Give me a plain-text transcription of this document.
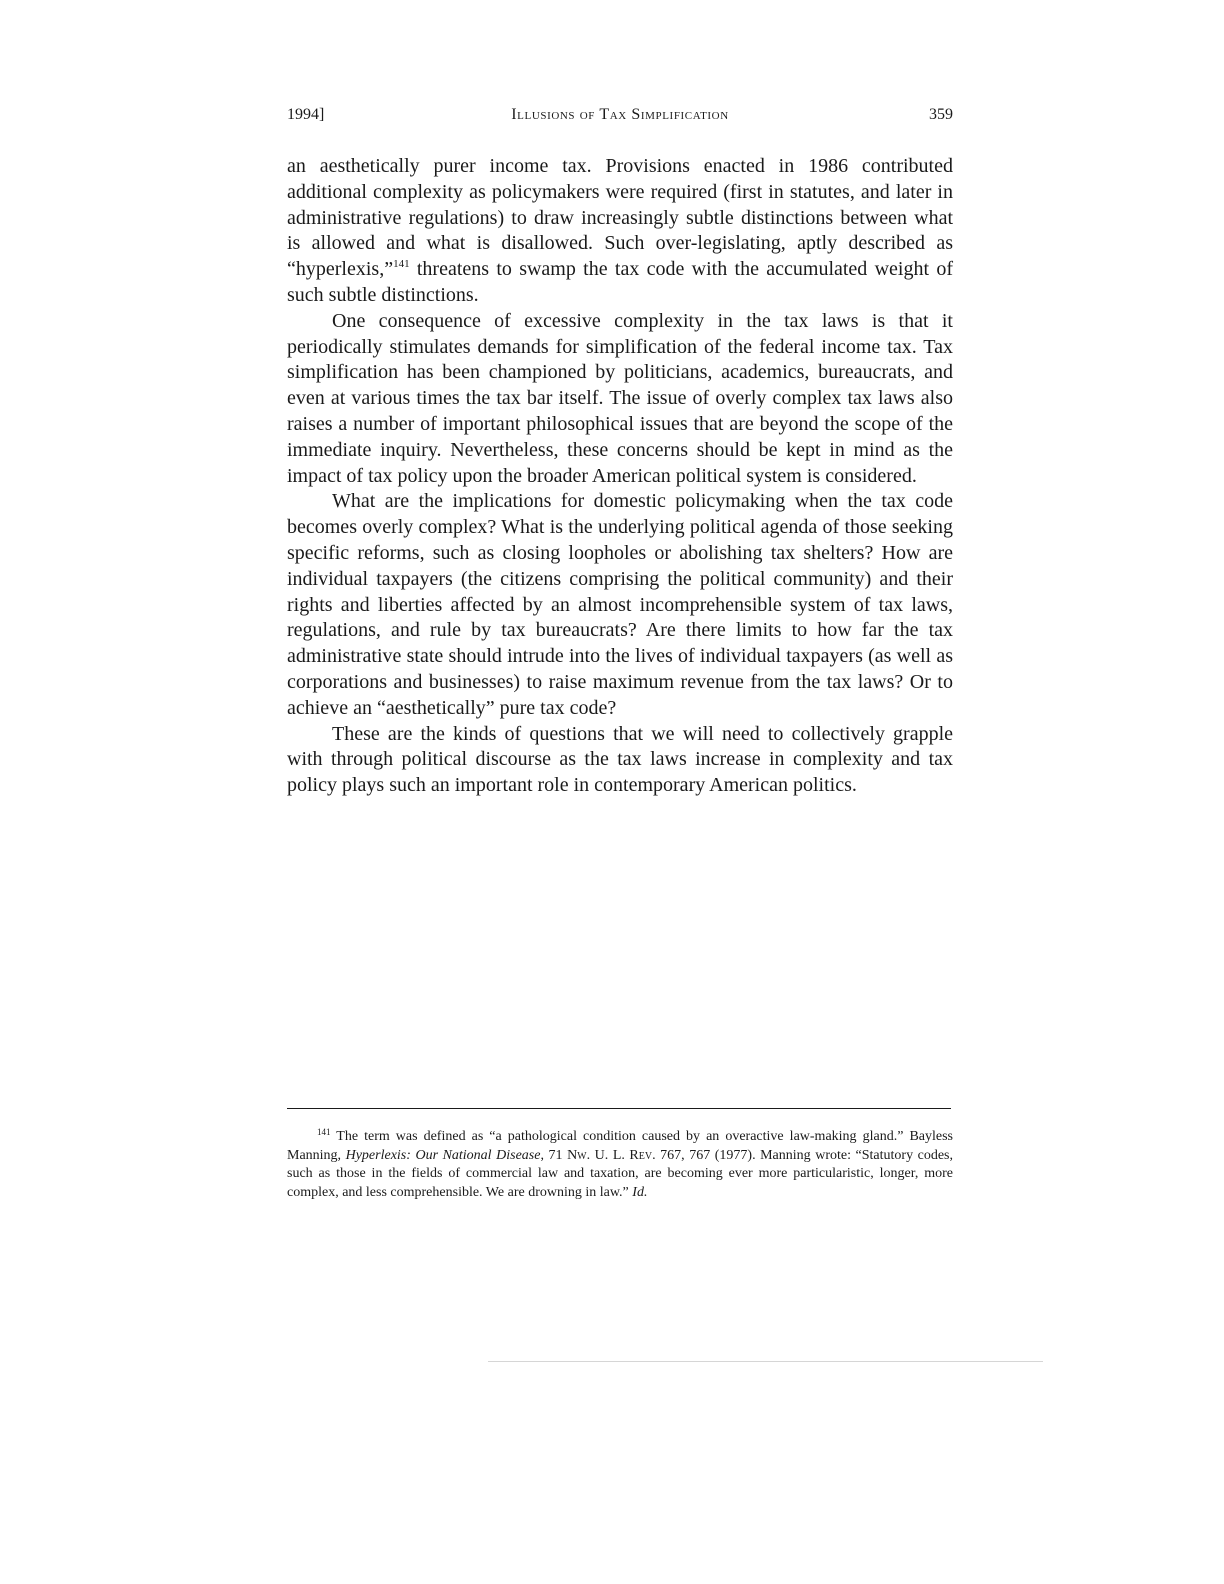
1994]	Illusions of Tax Simplification	359

an aesthetically purer income tax. Provisions enacted in 1986 contributed additional complexity as policymakers were required (first in statutes, and later in administrative regulations) to draw increasingly subtle distinctions between what is allowed and what is disallowed. Such over-legislating, aptly described as “hyperlexis,”$^{141}$ threatens to swamp the tax code with the accumulated weight of such subtle distinctions.

One consequence of excessive complexity in the tax laws is that it periodically stimulates demands for simplification of the federal income tax. Tax simplification has been championed by politicians, academics, bureaucrats, and even at various times the tax bar itself. The issue of overly complex tax laws also raises a number of important philosophical issues that are beyond the scope of the immediate inquiry. Nevertheless, these concerns should be kept in mind as the impact of tax policy upon the broader American political system is considered.

What are the implications for domestic policymaking when the tax code becomes overly complex? What is the underlying political agenda of those seeking specific reforms, such as closing loopholes or abolishing tax shelters? How are individual taxpayers (the citizens comprising the political community) and their rights and liberties affected by an almost incomprehensible system of tax laws, regulations, and rule by tax bureaucrats? Are there limits to how far the tax administrative state should intrude into the lives of individual taxpayers (as well as corporations and businesses) to raise maximum revenue from the tax laws? Or to achieve an “aesthetically” pure tax code?

These are the kinds of questions that we will need to collectively grapple with through political discourse as the tax laws increase in complexity and tax policy plays such an important role in contemporary American politics.

$^{141}$ The term was defined as “a pathological condition caused by an overactive law-making gland.” Bayless Manning, Hyperlexis: Our National Disease, 71 Nw. U. L. Rev. 767, 767 (1977). Manning wrote: “Statutory codes, such as those in the fields of commercial law and taxation, are becoming ever more particularistic, longer, more complex, and less comprehensible. We are drowning in law.” Id.
